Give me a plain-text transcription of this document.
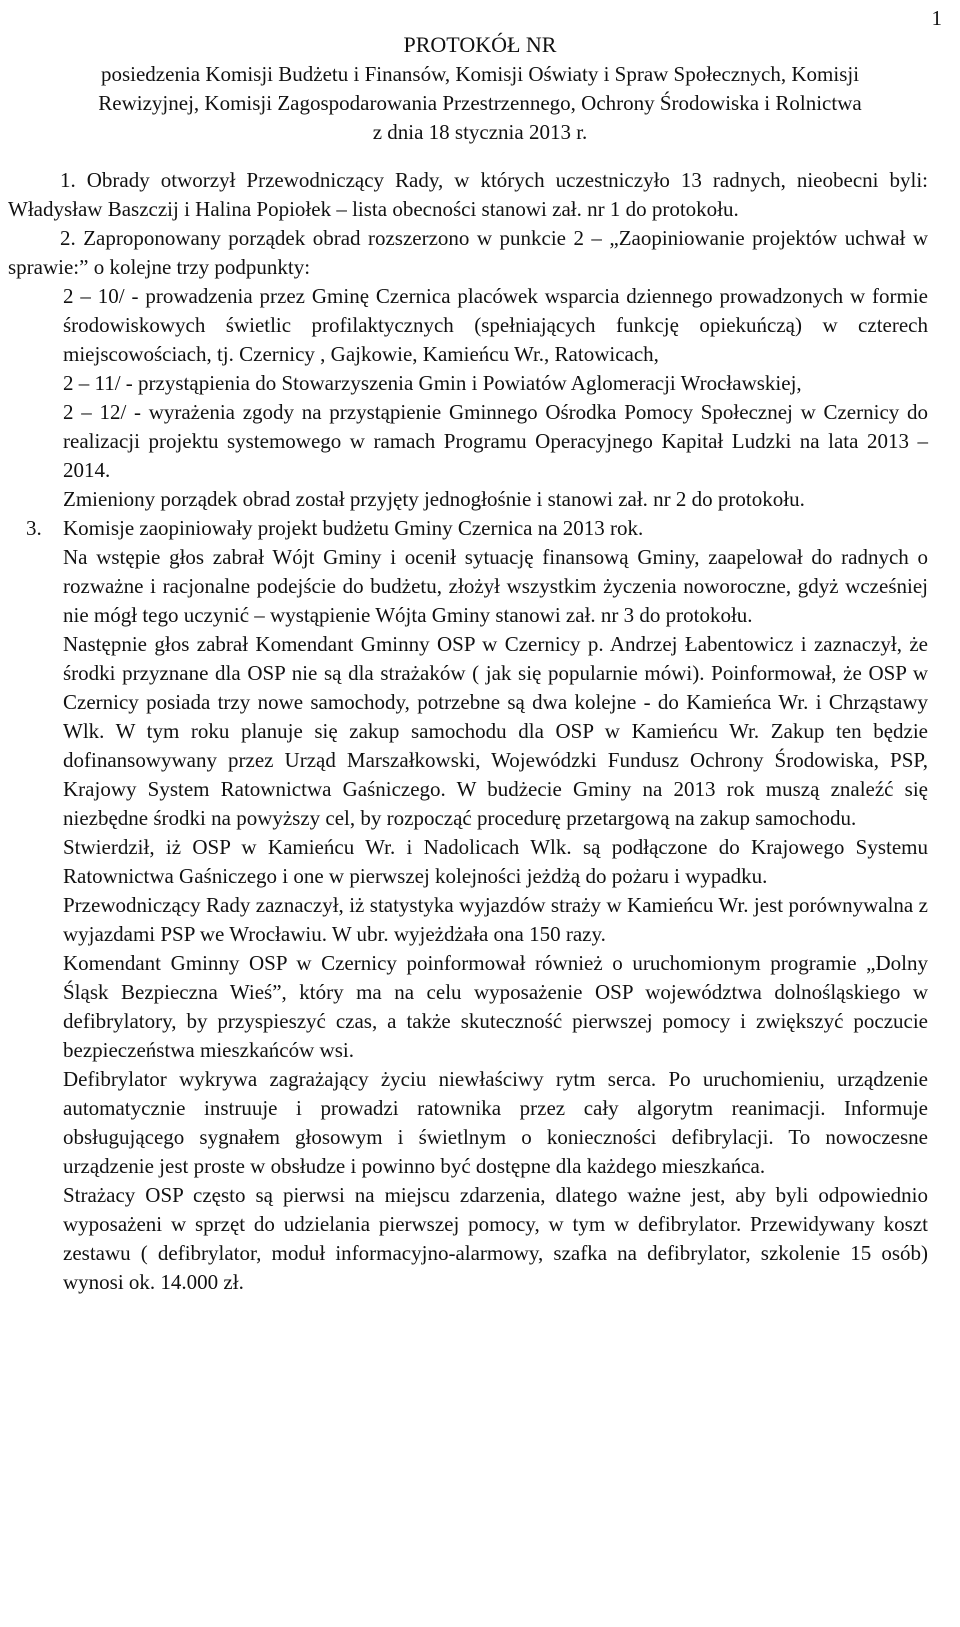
1
PROTOKÓŁ NR
posiedzenia Komisji Budżetu i Finansów, Komisji Oświaty i Spraw Społecznych, Komisji
Rewizyjnej, Komisji Zagospodarowania Przestrzennego, Ochrony Środowiska i Rolnictwa
z dnia 18 stycznia 2013 r.

1. Obrady otworzył Przewodniczący Rady, w których uczestniczyło 13 radnych, nieobecni byli: Władysław Baszczij i Halina Popiołek – lista obecności stanowi zał. nr 1 do protokołu.

2. Zaproponowany porządek obrad rozszerzono w punkcie 2 – „Zaopiniowanie projektów uchwał w sprawie:” o kolejne trzy podpunkty:

2 – 10/ - prowadzenia przez Gminę Czernica placówek wsparcia dziennego prowadzonych w formie środowiskowych świetlic profilaktycznych (spełniających funkcję opiekuńczą) w czterech miejscowościach, tj. Czernicy , Gajkowie, Kamieńcu Wr., Ratowicach,

2 – 11/ - przystąpienia do Stowarzyszenia Gmin i Powiatów Aglomeracji Wrocławskiej,

2 – 12/ - wyrażenia zgody na przystąpienie Gminnego Ośrodka Pomocy Społecznej w Czernicy do realizacji projektu systemowego w ramach Programu Operacyjnego Kapitał Ludzki na lata 2013 – 2014.

Zmieniony porządek obrad został przyjęty jednogłośnie i stanowi zał. nr 2 do protokołu.

3. Komisje zaopiniowały projekt budżetu Gminy Czernica na 2013 rok.

Na wstępie głos zabrał Wójt Gminy i ocenił sytuację finansową Gminy, zaapelował do radnych o rozważne i racjonalne podejście do budżetu, złożył wszystkim życzenia noworoczne, gdyż wcześniej nie mógł tego uczynić – wystąpienie Wójta Gminy stanowi zał. nr 3 do protokołu.

Następnie głos zabrał Komendant Gminny OSP w Czernicy p. Andrzej Łabentowicz i zaznaczył, że środki przyznane dla OSP nie są dla strażaków ( jak się popularnie mówi). Poinformował, że OSP w Czernicy posiada trzy nowe samochody, potrzebne są dwa kolejne - do Kamieńca Wr. i Chrząstawy Wlk. W tym roku planuje się zakup samochodu dla OSP w Kamieńcu Wr. Zakup ten będzie dofinansowywany przez Urząd Marszałkowski, Wojewódzki Fundusz Ochrony Środowiska, PSP, Krajowy System Ratownictwa Gaśniczego. W budżecie Gminy na 2013 rok muszą znaleźć się niezbędne środki na powyższy cel, by rozpocząć procedurę przetargową na zakup samochodu.

Stwierdził, iż OSP w Kamieńcu Wr. i Nadolicach Wlk. są podłączone do Krajowego Systemu Ratownictwa Gaśniczego i one w pierwszej kolejności jeżdżą do pożaru i wypadku.

Przewodniczący Rady zaznaczył, iż statystyka wyjazdów straży w Kamieńcu Wr. jest porównywalna z wyjazdami PSP we Wrocławiu. W ubr. wyjeżdżała ona 150 razy.

Komendant Gminny OSP w Czernicy poinformował również o uruchomionym programie „Dolny Śląsk Bezpieczna Wieś”, który ma na celu wyposażenie OSP województwa dolnośląskiego w defibrylatory, by przyspieszyć czas, a także skuteczność pierwszej pomocy i zwiększyć poczucie bezpieczeństwa mieszkańców wsi.

Defibrylator wykrywa zagrażający życiu niewłaściwy rytm serca. Po uruchomieniu, urządzenie automatycznie instruuje i prowadzi ratownika przez cały algorytm reanimacji. Informuje obsługującego sygnałem głosowym i świetlnym o konieczności defibrylacji. To nowoczesne urządzenie jest proste w obsłudze i powinno być dostępne dla każdego mieszkańca.

Strażacy OSP często są pierwsi na miejscu zdarzenia, dlatego ważne jest, aby byli odpowiednio wyposażeni w sprzęt do udzielania pierwszej pomocy, w tym w defibrylator. Przewidywany koszt zestawu ( defibrylator, moduł informacyjno-alarmowy, szafka na defibrylator, szkolenie 15 osób) wynosi ok. 14.000 zł.
